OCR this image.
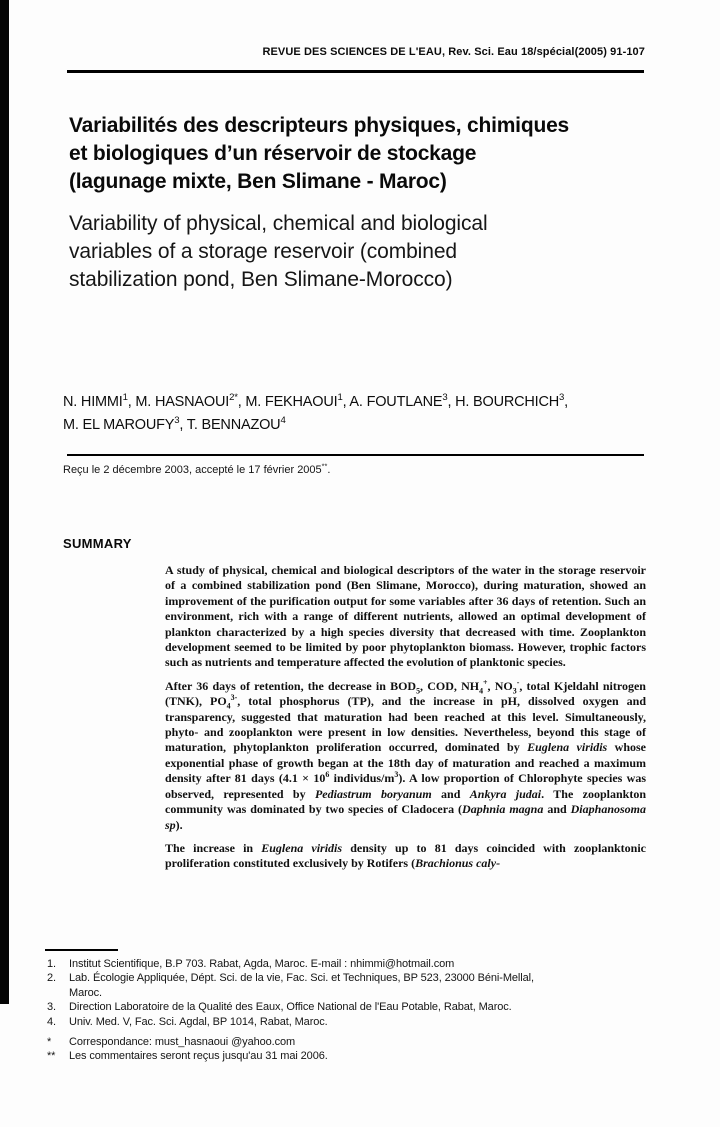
REVUE DES SCIENCES DE L'EAU, Rev. Sci. Eau 18/spécial(2005) 91-107
Variabilités des descripteurs physiques, chimiques
et biologiques d’un réservoir de stockage
(lagunage mixte, Ben Slimane - Maroc)
Variability of physical, chemical and biological
variables of a storage reservoir (combined
stabilization pond, Ben Slimane-Morocco)
N. HIMMI$^1$, M. $HASNAOUI^{2*}$, M. FEKHAOUI$^1$, A. FOUTLANE$^3$, H. BOURCHICH$^3$,
M. EL MAROUFY$^3$, T. BENNAZOU$^4$
Reçu le 2 décembre 2003, accepté le 17 février 2005**.
SUMMARY

A study of physical, chemical and biological descriptors of the water in the storage reservoir of a combined stabilization pond (Ben Slimane, Morocco), during maturation, showed an improvement of the purification output for some variables after 36 days of retention. Such an environment, rich with a range of different nutrients, allowed an optimal development of plankton characterized by a high species diversity that decreased with time. Zooplankton development seemed to be limited by poor phytoplankton biomass. However, trophic factors such as nutrients and temperature affected the evolution of planktonic species.

After 36 days of retention, the decrease in $BOD_5$, COD, $NH_4^+$, $NO_3^-$, total Kjeldahl nitrogen (TNK), $PO_4^{3-}$, total phosphorus (TP), and the increase in pH, dissolved oxygen and transparency, suggested that maturation had been reached at this level. Simultaneously, phyto- and zooplankton were present in low densities. Nevertheless, beyond this stage of maturation, phytoplankton proliferation occurred, dominated by Euglena viridis whose exponential phase of growth began at the 18th day of maturation and reached a maximum density after 81 days ($4.1 \times 10^6$ individus/$m^3$). A low proportion of Chlorophyte species was observed, represented by Pediastrum boryanum and Ankyra judai. The zooplankton community was dominated by two species of Cladocera (Daphnia magna and Diaphanosoma sp).

The increase in Euglena viridis density up to 81 days coincided with zooplanktonic proliferation constituted exclusively by Rotifers (Brachionus caly-

1.	Institut Scientifique, B.P 703. Rabat, Agda, Maroc. E-mail : nhimmi@hotmail.com
2.	Lab. Écologie Appliquée, Dépt. Sci. de la vie, Fac. Sci. et Techniques, BP 523, 23000 Béni-Mellal,
Maroc.
3.	Direction Laboratoire de la Qualité des Eaux, Office National de l'Eau Potable, Rabat, Maroc.
4.	Univ. Med. V, Fac. Sci. Agdal, BP 1014, Rabat, Maroc.
*	Correspondance: must_hasnaoui @yahoo.com
**	Les commentaires seront reçus jusqu'au 31 mai 2006.
